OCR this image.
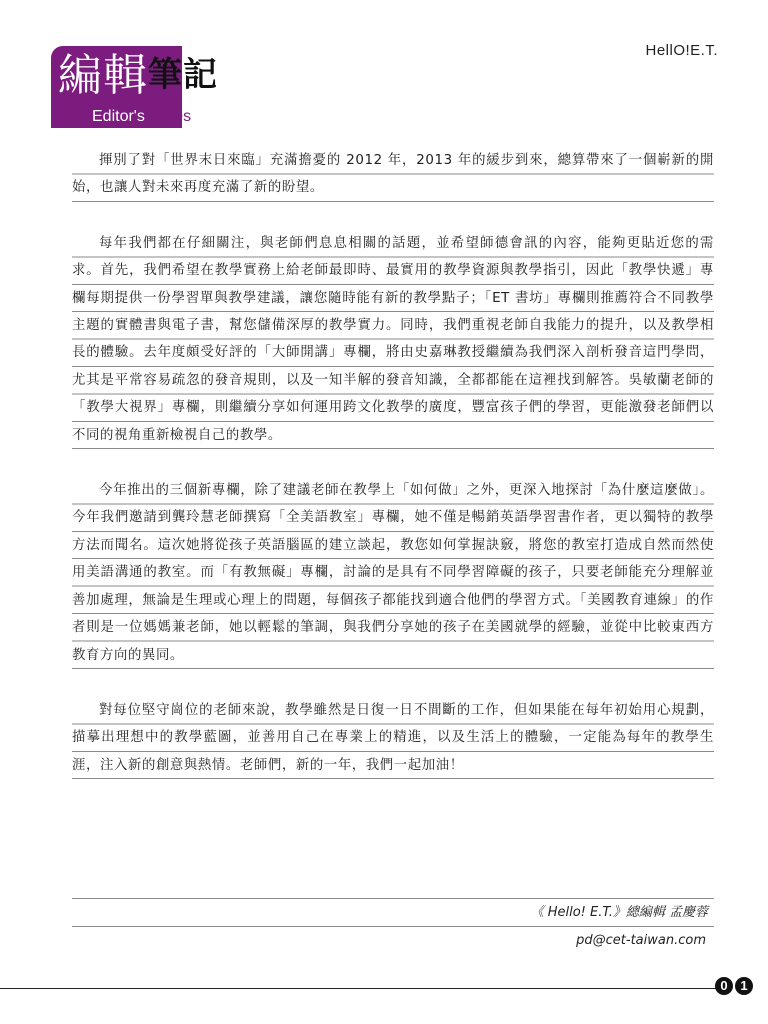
HellO!E.T.
編輯筆記
Editor's Notes

揮別了對「世界末日來臨」充滿擔憂的 2012 年，2013 年的緩步到來，總算帶來了一個嶄新的開始，也讓人對未來再度充滿了新的盼望。

每年我們都在仔細關注，與老師們息息相關的話題，並希望師德會訊的內容，能夠更貼近您的需求。首先，我們希望在教學實務上給老師最即時、最實用的教學資源與教學指引，因此「教學快遞」專欄每期提供一份學習單與教學建議，讓您隨時能有新的教學點子；「ET 書坊」專欄則推薦符合不同教學主題的實體書與電子書，幫您儲備深厚的教學實力。同時，我們重視老師自我能力的提升，以及教學相長的體驗。去年度頗受好評的「大師開講」專欄，將由史嘉琳教授繼續為我們深入剖析發音這門學問，尤其是平常容易疏忽的發音規則，以及一知半解的發音知識，全都都能在這裡找到解答。吳敏蘭老師的「教學大視界」專欄，則繼續分享如何運用跨文化教學的廣度，豐富孩子們的學習，更能激發老師們以不同的視角重新檢視自己的教學。

今年推出的三個新專欄，除了建議老師在教學上「如何做」之外，更深入地探討「為什麼這麼做」。今年我們邀請到龔玲慧老師撰寫「全美語教室」專欄，她不僅是暢銷英語學習書作者，更以獨特的教學方法而聞名。這次她將從孩子英語腦區的建立談起，教您如何掌握訣竅，將您的教室打造成自然而然使用美語溝通的教室。而「有教無礙」專欄，討論的是具有不同學習障礙的孩子，只要老師能充分理解並善加處理，無論是生理或心理上的問題，每個孩子都能找到適合他們的學習方式。「美國教育連線」的作者則是一位媽媽兼老師，她以輕鬆的筆調，與我們分享她的孩子在美國就學的經驗，並從中比較東西方教育方向的異同。

對每位堅守崗位的老師來說，教學雖然是日復一日不間斷的工作，但如果能在每年初始用心規劃，描摹出理想中的教學藍圖，並善用自己在專業上的精進，以及生活上的體驗，一定能為每年的教學生涯，注入新的創意與熱情。老師們，新的一年，我們一起加油！

《 Hello! E.T.》總編輯 孟慶蓉
pd@cet-taiwan.com
0 1
